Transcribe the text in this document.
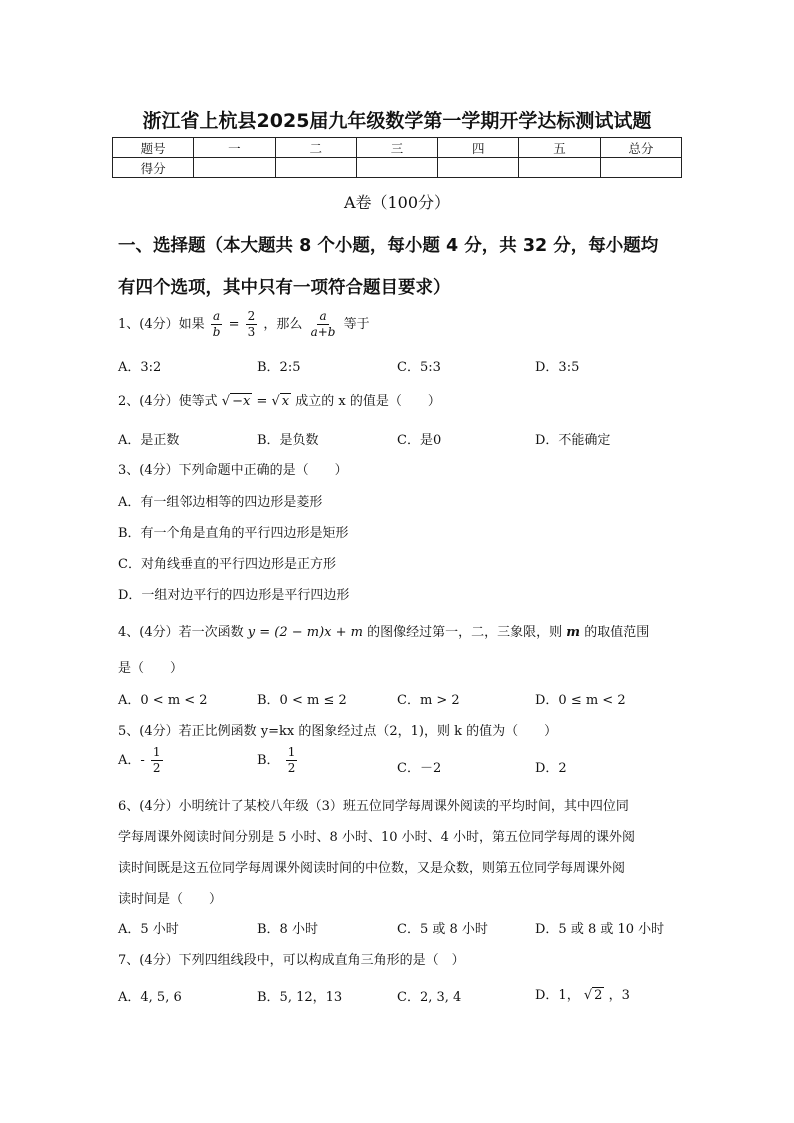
浙江省上杭县2025届九年级数学第一学期开学达标测试试题
题号	一	二	三	四	五	总分
得分						
A卷（100分）
一、选择题（本大题共 8 个小题，每小题 4 分，共 32 分，每小题均
有四个选项，其中只有一项符合题目要求）
1、(4分）如果 $\frac{a}{b} = \frac{2}{3}$ ，那么 $\frac{a}{a+b}$ 等于
A．3:2	B．2:5	C．5:3	D．3:5
2、(4分）使等式 √ −x = √ x 成立的 x 的值是（　　）
A．是正数	B．是负数	C．是0	D．不能确定
3、(4分）下列命题中正确的是（　　）
A．有一组邻边相等的四边形是菱形
B．有一个角是直角的平行四边形是矩形
C．对角线垂直的平行四边形是正方形
D．一组对边平行的四边形是平行四边形
4、(4分）若一次函数 y = (2 − m)x + m 的图像经过第一，二，三象限，则 m 的取值范围
是（　　）
A．0 < m < 2	B．0 < m ≤ 2	C．m > 2	D．0 ≤ m < 2
5、(4分）若正比例函数 y=kx 的图象经过点（2，1)，则 k 的值为（　　）
A．- $\frac{1}{2}$	B． $\frac{1}{2}$	C．－2	D．2
6、(4分）小明统计了某校八年级（3）班五位同学每周课外阅读的平均时间，其中四位同
学每周课外阅读时间分别是 5 小时、8 小时、10 小时、4 小时，第五位同学每周的课外阅
读时间既是这五位同学每周课外阅读时间的中位数，又是众数，则第五位同学每周课外阅
读时间是（　　）
A．5 小时	B．8 小时	C．5 或 8 小时	D．5 或 8 或 10 小时
7、(4分）下列四组线段中，可以构成直角三角形的是（　）
A．4, 5, 6	B．5, 12，13	C．2, 3, 4	D．1， √ 2 ，3
